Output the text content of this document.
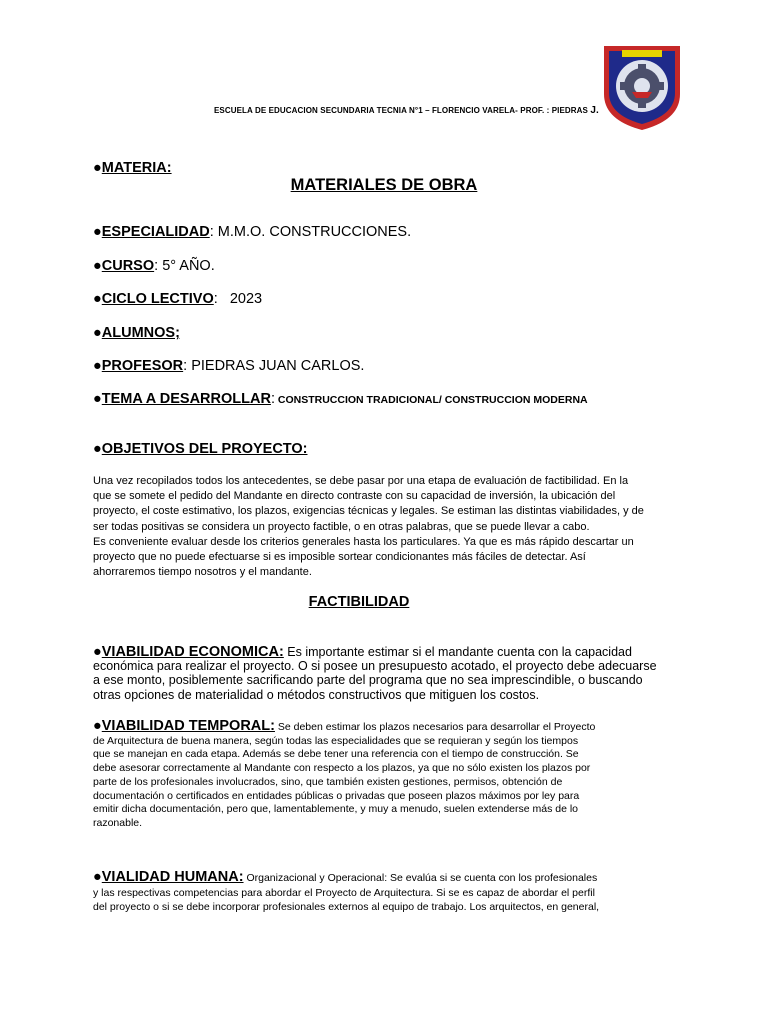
ESCUELA DE EDUCACION SECUNDARIA TECNIA N°1 – FLORENCIO VARELA- PROF. : PIEDRAS J.
●MATERIA:
MATERIALES DE OBRA
●ESPECIALIDAD: M.M.O. CONSTRUCCIONES.
●CURSO: 5° AÑO.
●CICLO LECTIVO:   2023
●ALUMNOS;
●PROFESOR: PIEDRAS JUAN CARLOS.
●TEMA A DESARROLLAR: CONSTRUCCION TRADICIONAL/ CONSTRUCCION MODERNA
●OBJETIVOS DEL PROYECTO:
Una vez recopilados todos los antecedentes, se debe pasar por una etapa de evaluación de factibilidad. En la
que se somete el pedido del Mandante en directo contraste con su capacidad de inversión, la ubicación del
proyecto, el coste estimativo, los plazos, exigencias técnicas y legales. Se estiman las distintas viabilidades, y de
ser todas positivas se considera un proyecto factible, o en otras palabras, que se puede llevar a cabo.
Es conveniente evaluar desde los criterios generales hasta los particulares. Ya que es más rápido descartar un
proyecto que no puede efectuarse si es imposible sortear condicionantes más fáciles de detectar. Así
ahorraremos tiempo nosotros y el mandante.
FACTIBILIDAD
●VIABILIDAD ECONOMICA: Es importante estimar si el mandante cuenta con la capacidad
económica para realizar el proyecto. O si posee un presupuesto acotado, el proyecto debe adecuarse
a ese monto, posiblemente sacrificando parte del programa que no sea imprescindible, o buscando
otras opciones de materialidad o métodos constructivos que mitiguen los costos.
●VIABILIDAD TEMPORAL: Se deben estimar los plazos necesarios para desarrollar el Proyecto
de Arquitectura de buena manera, según todas las especialidades que se requieran y según los tiempos
que se manejan en cada etapa. Además se debe tener una referencia con el tiempo de construcción. Se
debe asesorar correctamente al Mandante con respecto a los plazos, ya que no sólo existen los plazos por
parte de los profesionales involucrados, sino, que también existen gestiones, permisos, obtención de
documentación o certificados en entidades públicas o privadas que poseen plazos máximos por ley para
emitir dicha documentación, pero que, lamentablemente, y muy a menudo, suelen extenderse más de lo
razonable.
●VIALIDAD HUMANA: Organizacional y Operacional: Se evalúa si se cuenta con los profesionales
y las respectivas competencias para abordar el Proyecto de Arquitectura. Si se es capaz de abordar el perfil
del proyecto o si se debe incorporar profesionales externos al equipo de trabajo. Los arquitectos, en general,
